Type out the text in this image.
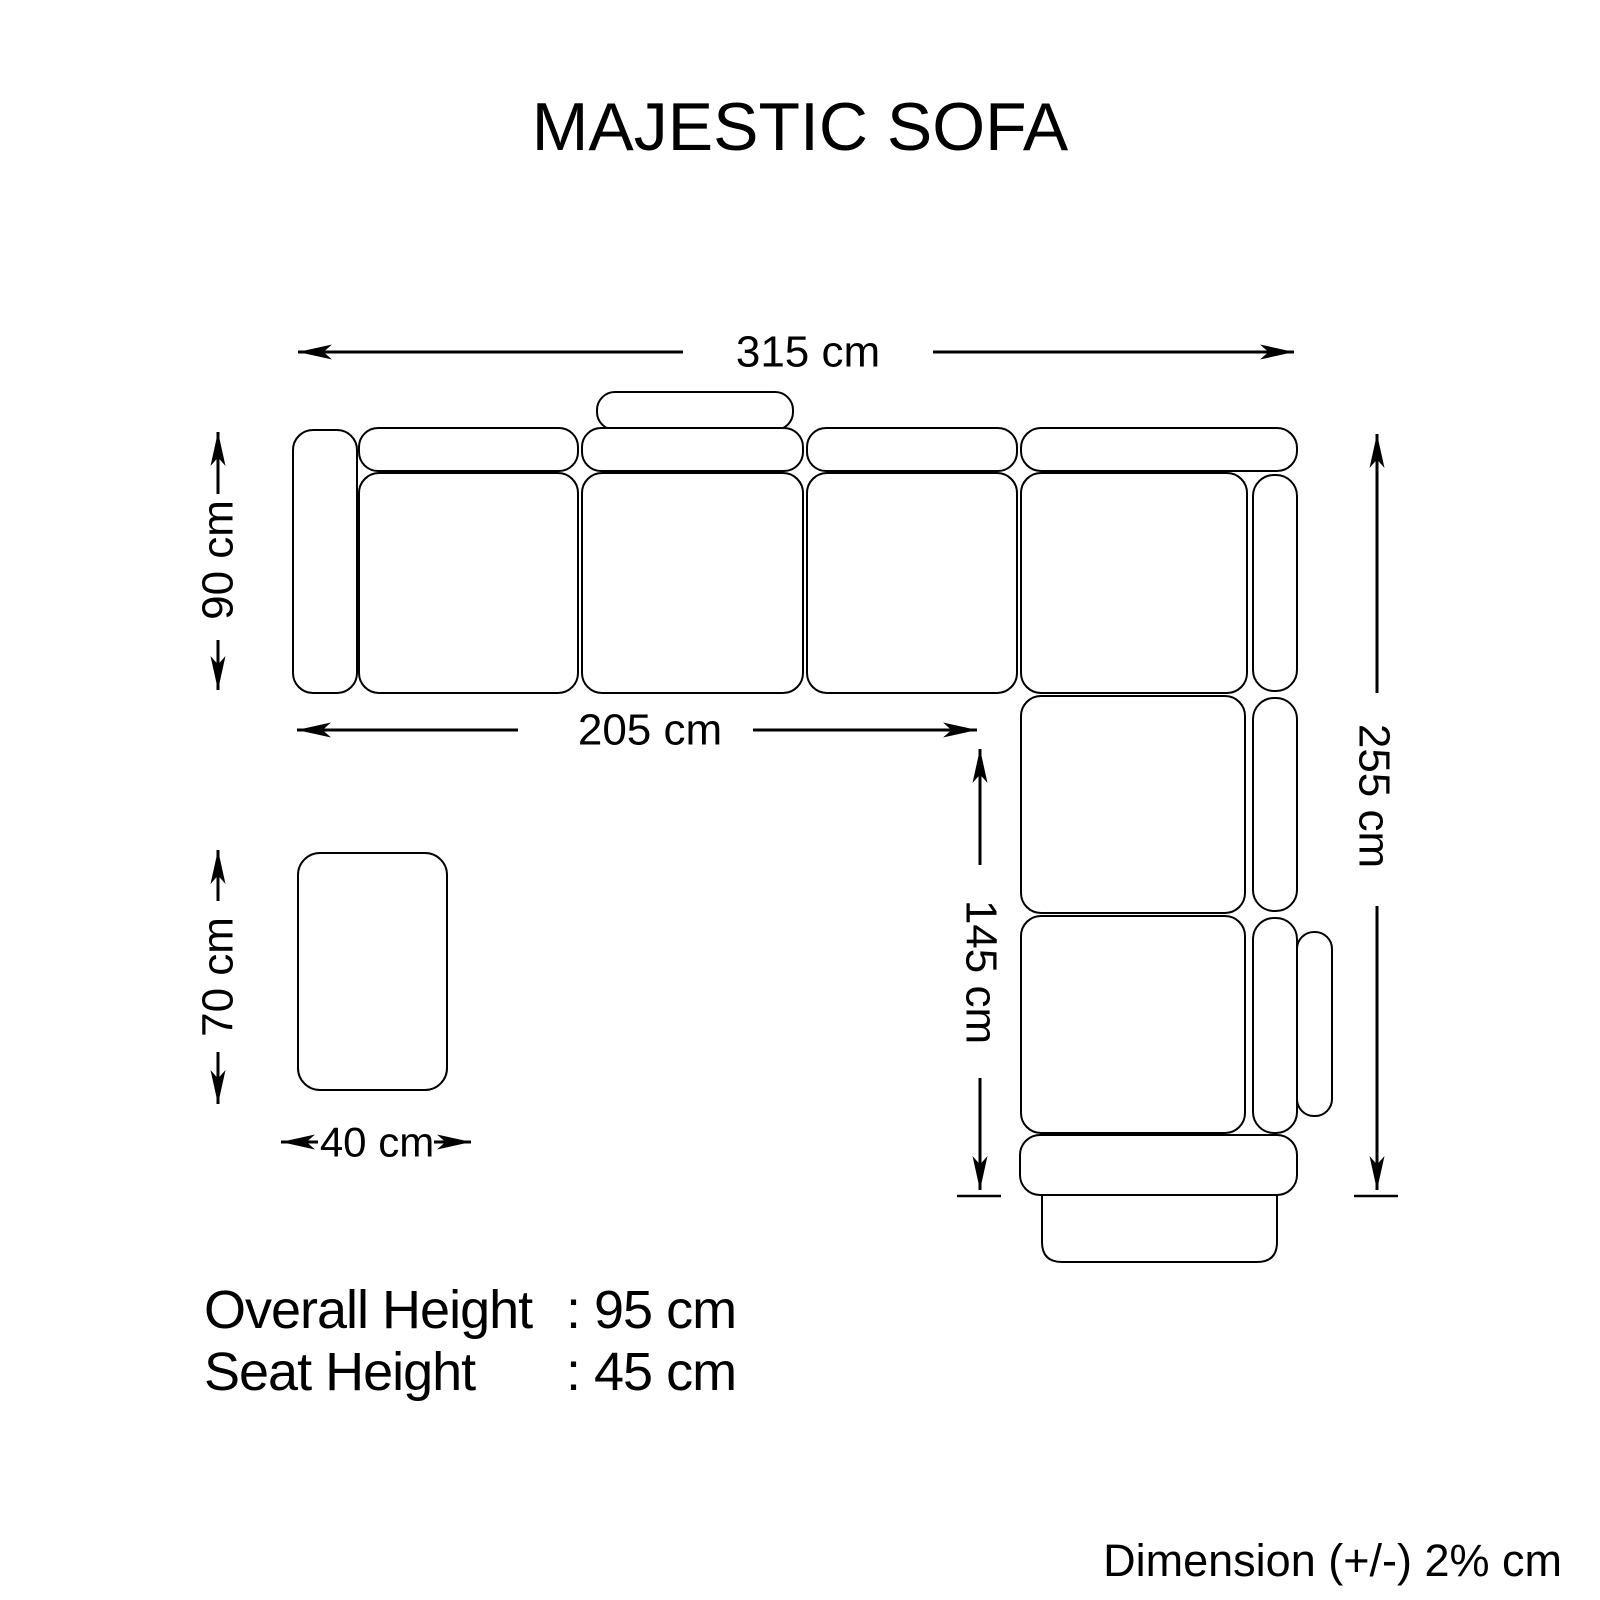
MAJESTIC SOFA
315 cm
90 cm
205 cm
145 cm
255 cm
70 cm
40 cm
Overall Height : 95 cm
Seat Height : 45 cm
Dimension (+/-) 2% cm
